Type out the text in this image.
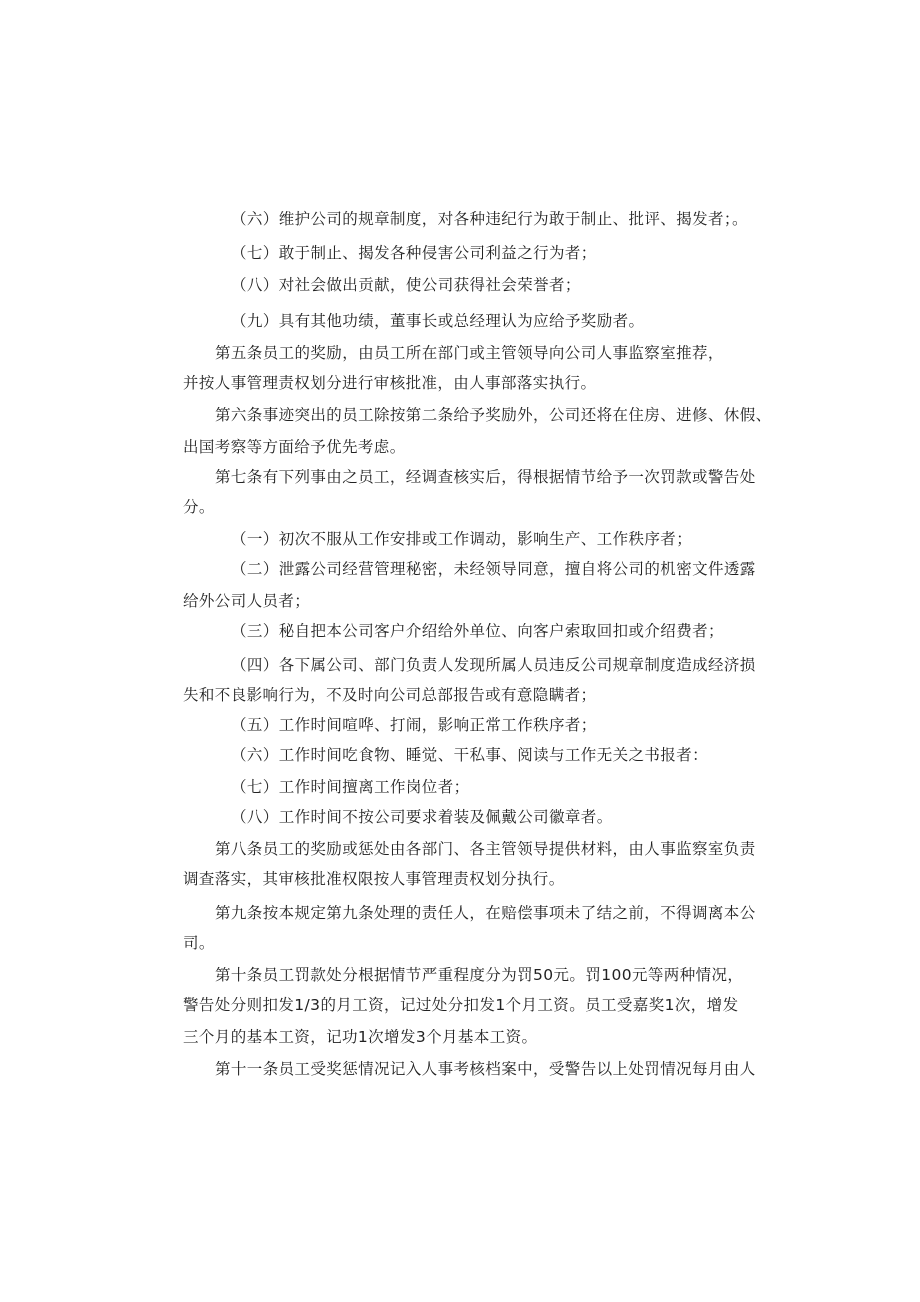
（六）维护公司的规章制度，对各种违纪行为敢于制止、批评、揭发者；。
（七）敢于制止、揭发各种侵害公司利益之行为者；
（八）对社会做出贡献，使公司获得社会荣誉者；
（九）具有其他功绩，董事长或总经理认为应给予奖励者。
第五条员工的奖励，由员工所在部门或主管领导向公司人事监察室推荐，
并按人事管理责权划分进行审核批准，由人事部落实执行。
第六条事迹突出的员工除按第二条给予奖励外，公司还将在住房、进修、休假、
出国考察等方面给予优先考虑。
第七条有下列事由之员工，经调查核实后，得根据情节给予一次罚款或警告处
分。
（一）初次不服从工作安排或工作调动，影响生产、工作秩序者；
（二）泄露公司经营管理秘密，未经领导同意，擅自将公司的机密文件透露
给外公司人员者；
（三）秘自把本公司客户介绍给外单位、向客户索取回扣或介绍费者；
（四）各下属公司、部门负责人发现所属人员违反公司规章制度造成经济损
失和不良影响行为，不及时向公司总部报告或有意隐瞒者；
（五）工作时间喧哗、打闹，影响正常工作秩序者；
（六）工作时间吃食物、睡觉、干私事、阅读与工作无关之书报者：
（七）工作时间擅离工作岗位者；
（八）工作时间不按公司要求着装及佩戴公司徽章者。
第八条员工的奖励或惩处由各部门、各主管领导提供材料，由人事监察室负责
调查落实，其审核批准权限按人事管理责权划分执行。
第九条按本规定第九条处理的责任人，在赔偿事项未了结之前，不得调离本公
司。
第十条员工罚款处分根据情节严重程度分为罚50元。罚100元等两种情况，
警告处分则扣发1/3的月工资，记过处分扣发1个月工资。员工受嘉奖1次，增发
三个月的基本工资，记功1次增发3个月基本工资。
第十一条员工受奖惩情况记入人事考核档案中，受警告以上处罚情况每月由人
